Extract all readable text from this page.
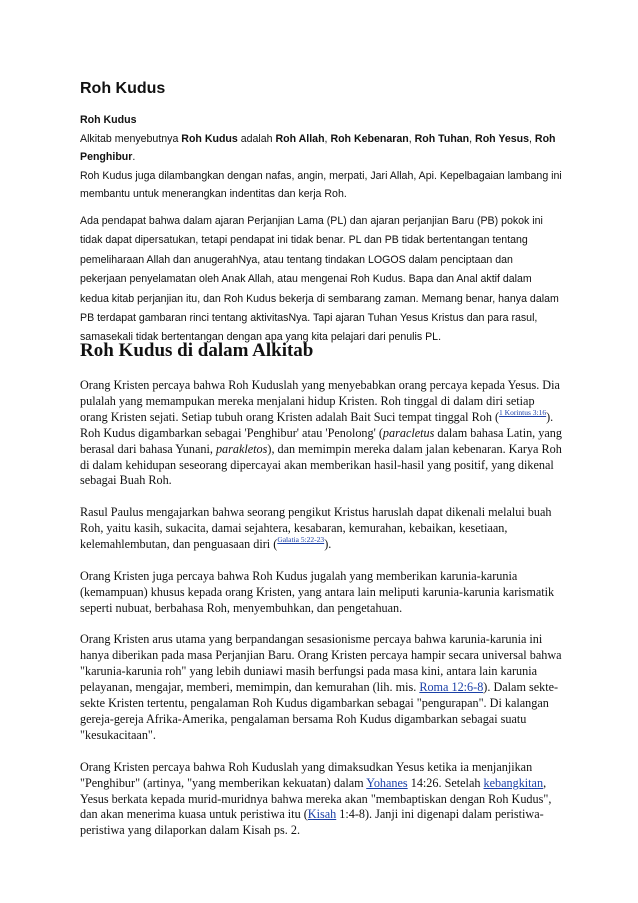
Roh Kudus

Roh Kudus

Alkitab menyebutnya Roh Kudus adalah Roh Allah, Roh Kebenaran, Roh Tuhan, Roh Yesus, Roh Penghibur.

Roh Kudus juga dilambangkan dengan nafas, angin, merpati, Jari Allah, Api. Kepelbagaian lambang ini membantu untuk menerangkan indentitas dan kerja Roh.

Ada pendapat bahwa dalam ajaran Perjanjian Lama (PL) dan ajaran perjanjian Baru (PB) pokok ini tidak dapat dipersatukan, tetapi pendapat ini tidak benar. PL dan PB tidak bertentangan tentang pemeliharaan Allah dan anugerahNya, atau tentang tindakan LOGOS dalam penciptaan dan pekerjaan penyelamatan oleh Anak Allah, atau mengenai Roh Kudus. Bapa dan Anal aktif dalam kedua kitab perjanjian itu, dan Roh Kudus bekerja di sembarang zaman. Memang benar, hanya dalam PB terdapat gambaran rinci tentang aktivitasNya. Tapi ajaran Tuhan Yesus Kristus dan para rasul, samasekali tidak bertentangan dengan apa yang kita pelajari dari penulis PL.

Roh Kudus di dalam Alkitab

Orang Kristen percaya bahwa Roh Kuduslah yang menyebabkan orang percaya kepada Yesus. Dia pulalah yang memampukan mereka menjalani hidup Kristen. Roh tinggal di dalam diri setiap orang Kristen sejati. Setiap tubuh orang Kristen adalah Bait Suci tempat tinggal Roh ($^{1 Korintus 3:16}$). Roh Kudus digambarkan sebagai 'Penghibur' atau 'Penolong' (paracletus dalam bahasa Latin, yang berasal dari bahasa Yunani, parakletos), dan memimpin mereka dalam jalan kebenaran. Karya Roh di dalam kehidupan seseorang dipercayai akan memberikan hasil-hasil yang positif, yang dikenal sebagai Buah Roh.

Rasul Paulus mengajarkan bahwa seorang pengikut Kristus haruslah dapat dikenali melalui buah Roh, yaitu kasih, sukacita, damai sejahtera, kesabaran, kemurahan, kebaikan, kesetiaan, kelemahlembutan, dan penguasaan diri ($^{Galatia 5:22-23}$).

Orang Kristen juga percaya bahwa Roh Kudus jugalah yang memberikan karunia-karunia (kemampuan) khusus kepada orang Kristen, yang antara lain meliputi karunia-karunia karismatik seperti nubuat, berbahasa Roh, menyembuhkan, dan pengetahuan.

Orang Kristen arus utama yang berpandangan sesasionisme percaya bahwa karunia-karunia ini hanya diberikan pada masa Perjanjian Baru. Orang Kristen percaya hampir secara universal bahwa "karunia-karunia roh" yang lebih duniawi masih berfungsi pada masa kini, antara lain karunia pelayanan, mengajar, memberi, memimpin, dan kemurahan (lih. mis. Roma 12:6-8). Dalam sekte-sekte Kristen tertentu, pengalaman Roh Kudus digambarkan sebagai "pengurapan". Di kalangan gereja-gereja Afrika-Amerika, pengalaman bersama Roh Kudus digambarkan sebagai suatu "kesukacitaan".

Orang Kristen percaya bahwa Roh Kuduslah yang dimaksudkan Yesus ketika ia menjanjikan "Penghibur" (artinya, "yang memberikan kekuatan) dalam Yohanes 14:26. Setelah kebangkitan, Yesus berkata kepada murid-muridnya bahwa mereka akan "membaptiskan dengan Roh Kudus", dan akan menerima kuasa untuk peristiwa itu (Kisah 1:4-8). Janji ini digenapi dalam peristiwa-peristiwa yang dilaporkan dalam Kisah ps. 2.
